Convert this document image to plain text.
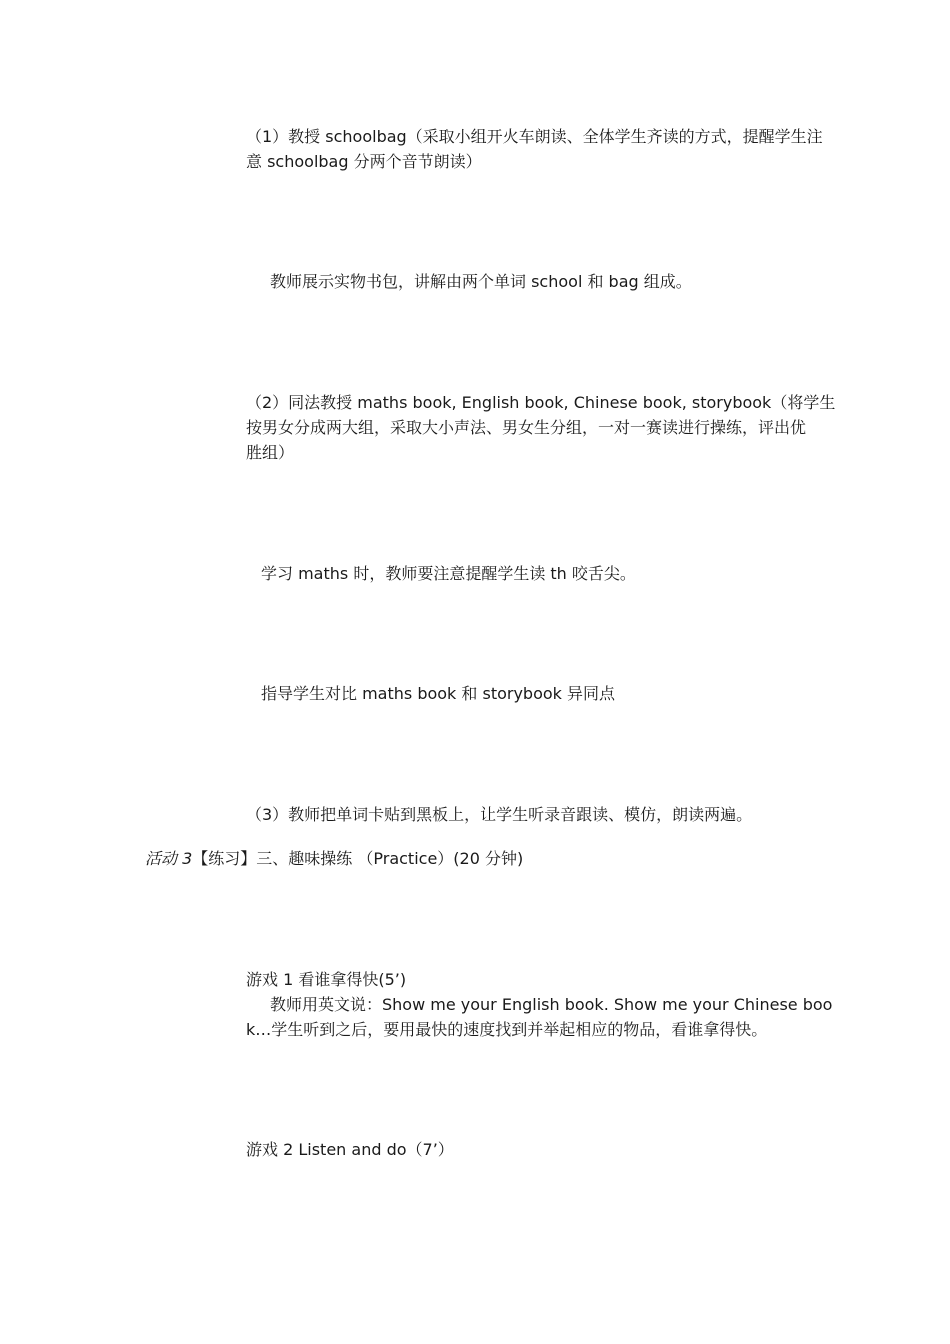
（1）教授 schoolbag（采取小组开火车朗读、全体学生齐读的方式，提醒学生注
意 schoolbag 分两个音节朗读）
教师展示实物书包，讲解由两个单词 school 和 bag 组成。
（2）同法教授 maths book, English book, Chinese book, storybook（将学生
按男女分成两大组，采取大小声法、男女生分组，一对一赛读进行操练，评出优
胜组）
学习 maths 时，教师要注意提醒学生读 th 咬舌尖。
指导学生对比 maths book 和 storybook 异同点
（3）教师把单词卡贴到黑板上，让学生听录音跟读、模仿，朗读两遍。
活动 3【练习】三、趣味操练 （Practice）(20 分钟)
游戏 1 看谁拿得快(5’)
教师用英文说：Show me your English book. Show me your Chinese boo
k…学生听到之后，要用最快的速度找到并举起相应的物品，看谁拿得快。
游戏 2 Listen and do（7’）
